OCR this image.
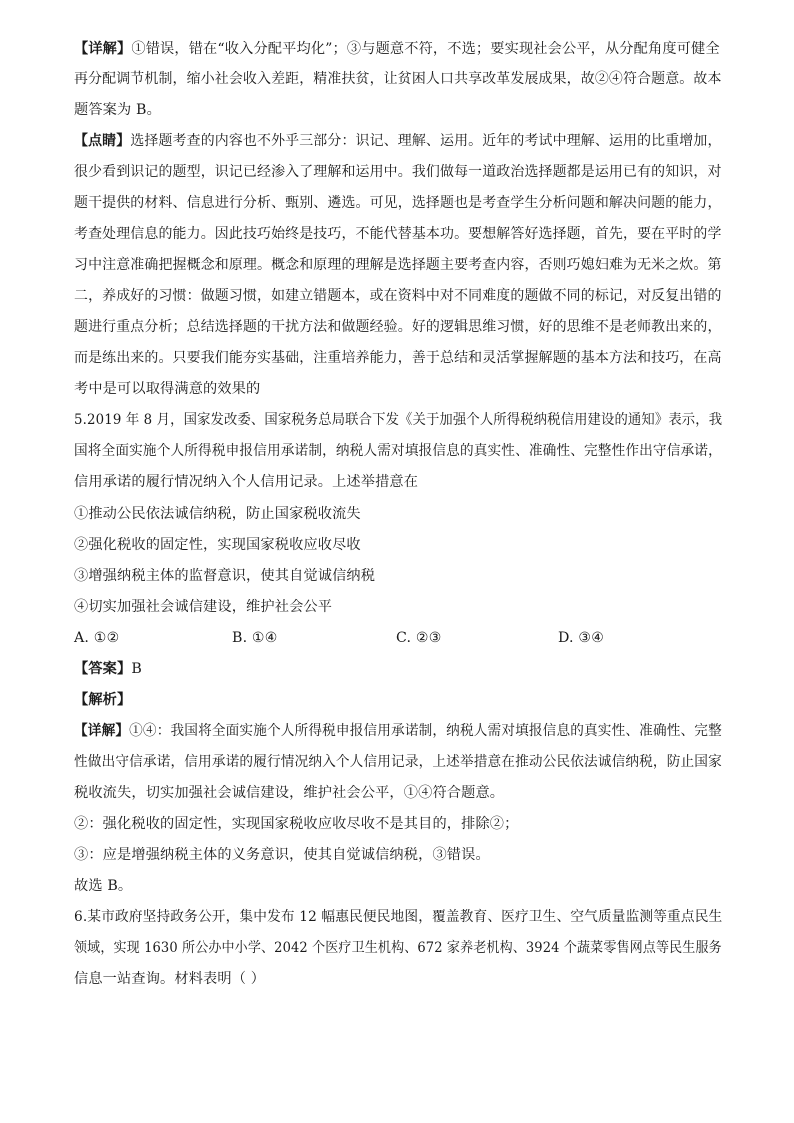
【详解】①错误，错在“收入分配平均化”；③与题意不符，不选；要实现社会公平，从分配角度可健全
再分配调节机制，缩小社会收入差距，精准扶贫，让贫困人口共享改革发展成果，故②④符合题意。故本
题答案为 B。
【点睛】选择题考查的内容也不外乎三部分：识记、理解、运用。近年的考试中理解、运用的比重增加，
很少看到识记的题型，识记已经渗入了理解和运用中。我们做每一道政治选择题都是运用已有的知识，对
题干提供的材料、信息进行分析、甄别、遴选。可见，选择题也是考查学生分析问题和解决问题的能力，
考查处理信息的能力。因此技巧始终是技巧，不能代替基本功。要想解答好选择题，首先，要在平时的学
习中注意准确把握概念和原理。概念和原理的理解是选择题主要考查内容，否则巧媳妇难为无米之炊。第
二，养成好的习惯：做题习惯，如建立错题本，或在资料中对不同难度的题做不同的标记，对反复出错的
题进行重点分析；总结选择题的干扰方法和做题经验。好的逻辑思维习惯，好的思维不是老师教出来的，
而是练出来的。只要我们能夯实基础，注重培养能力，善于总结和灵活掌握解题的基本方法和技巧，在高
考中是可以取得满意的效果的
5.2019 年 8 月，国家发改委、国家税务总局联合下发《关于加强个人所得税纳税信用建设的通知》表示，我
国将全面实施个人所得税申报信用承诺制，纳税人需对填报信息的真实性、准确性、完整性作出守信承诺，
信用承诺的履行情况纳入个人信用记录。上述举措意在
①推动公民依法诚信纳税，防止国家税收流失
②强化税收的固定性，实现国家税收应收尽收
③增强纳税主体的监督意识，使其自觉诚信纳税
④切实加强社会诚信建设，维护社会公平
A. ①②	B. ①④	C. ②③	D. ③④
【答案】B
【解析】
【详解】①④：我国将全面实施个人所得税申报信用承诺制，纳税人需对填报信息的真实性、准确性、完整
性做出守信承诺，信用承诺的履行情况纳入个人信用记录，上述举措意在推动公民依法诚信纳税，防止国家
税收流失，切实加强社会诚信建设，维护社会公平，①④符合题意。
②：强化税收的固定性，实现国家税收应收尽收不是其目的，排除②；
③：应是增强纳税主体的义务意识，使其自觉诚信纳税，③错误。
故选 B。
6.某市政府坚持政务公开，集中发布 12 幅惠民便民地图，覆盖教育、医疗卫生、空气质量监测等重点民生
领域，实现 1630 所公办中小学、2042 个医疗卫生机构、672 家养老机构、3924 个蔬菜零售网点等民生服务
信息一站查询。材料表明（ ）
